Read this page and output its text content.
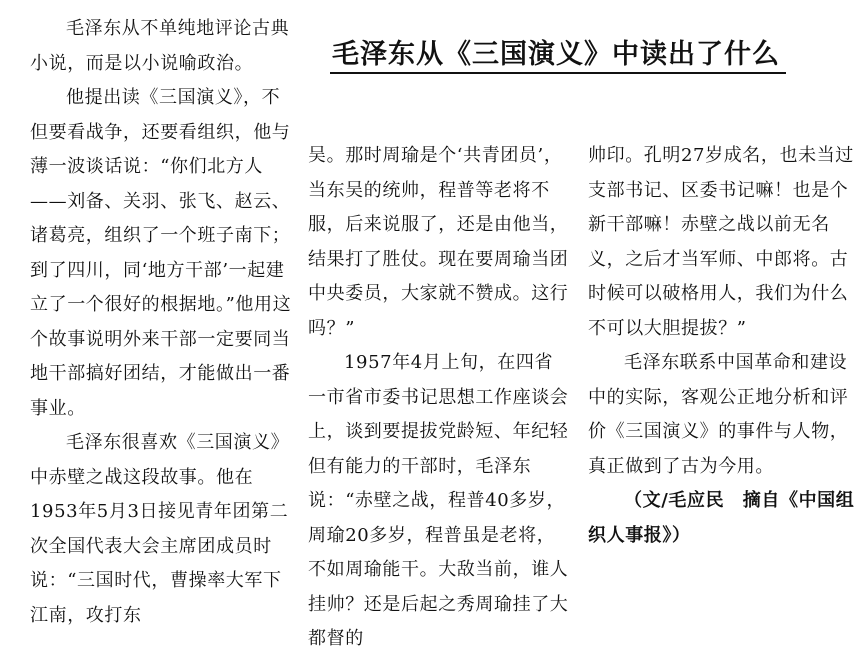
毛泽东从《三国演义》中读出了什么

毛泽东从不单纯地评论古典小说，而是以小说喻政治。

他提出读《三国演义》，不但要看战争，还要看组织，他与薄一波谈话说：“你们北方人——刘备、关羽、张飞、赵云、诸葛亮，组织了一个班子南下；到了四川，同‘地方干部’一起建立了一个很好的根据地。”他用这个故事说明外来干部一定要同当地干部搞好团结，才能做出一番事业。

毛泽东很喜欢《三国演义》中赤壁之战这段故事。他在1953年5月3日接见青年团第二次全国代表大会主席团成员时说：“三国时代，曹操率大军下江南，攻打东

吴。那时周瑜是个‘共青团员’，当东吴的统帅，程普等老将不服，后来说服了，还是由他当，结果打了胜仗。现在要周瑜当团中央委员，大家就不赞成。这行吗？”

1957年4月上旬，在四省一市省市委书记思想工作座谈会上，谈到要提拔党龄短、年纪轻但有能力的干部时，毛泽东说：“赤壁之战，程普40多岁，周瑜20多岁，程普虽是老将，不如周瑜能干。大敌当前，谁人挂帅？还是后起之秀周瑜挂了大都督的

帅印。孔明27岁成名，也未当过支部书记、区委书记嘛！也是个新干部嘛！赤壁之战以前无名义，之后才当军师、中郎将。古时候可以破格用人，我们为什么不可以大胆提拔？”

毛泽东联系中国革命和建设中的实际，客观公正地分析和评价《三国演义》的事件与人物，真正做到了古为今用。

（文/毛应民　摘自《中国组织人事报》）
